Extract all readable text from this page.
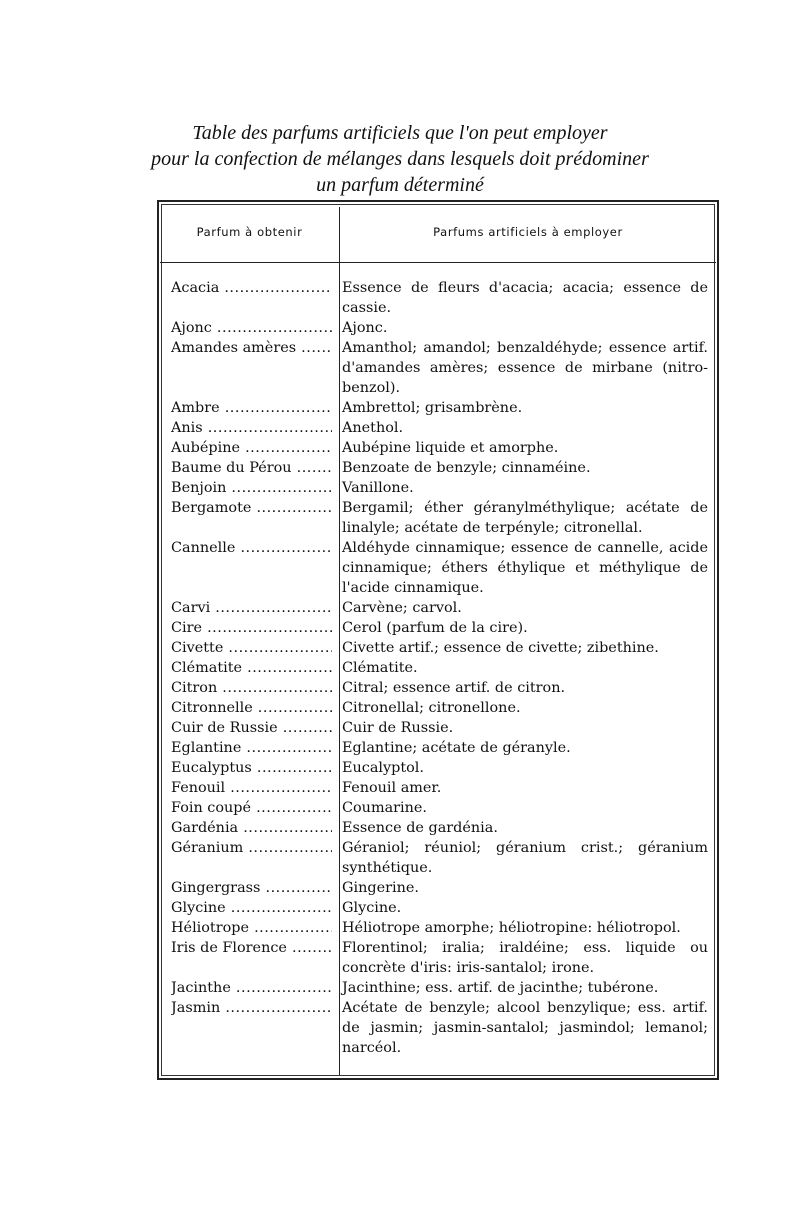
Table des parfums artificiels que l'on peut employer
pour la confection de mélanges dans lesquels doit prédominer
un parfum déterminé
Parfum à obtenir	Parfums artificiels à employer
Acacia .....	Essence de fleurs d'acacia; acacia; essence de cassie.
Ajonc .....	Ajonc.
Amandes amères .....	Amanthol; amandol; benzaldéhyde; essence artif. d'amandes amères; essence de mirbane (nitro-benzol).
Ambre .....	Ambrettol; grisambrène.
Anis .....	Anethol.
Aubépine .....	Aubépine liquide et amorphe.
Baume du Pérou .....	Benzoate de benzyle; cinnaméine.
Benjoin .....	Vanillone.
Bergamote .....	Bergamil; éther géranylméthylique; acétate de linalyle; acétate de terpényle; citronellal.
Cannelle .....	Aldéhyde cinnamique; essence de cannelle, acide cinnamique; éthers éthylique et méthylique de l'acide cinnamique.
Carvi .....	Carvène; carvol.
Cire .....	Cerol (parfum de la cire).
Civette .....	Civette artif.; essence de civette; zibethine.
Clématite .....	Clématite.
Citron .....	Citral; essence artif. de citron.
Citronnelle .....	Citronellal; citronellone.
Cuir de Russie .....	Cuir de Russie.
Eglantine .....	Eglantine; acétate de géranyle.
Eucalyptus .....	Eucalyptol.
Fenouil .....	Fenouil amer.
Foin coupé .....	Coumarine.
Gardénia .....	Essence de gardénia.
Géranium .....	Géraniol; réuniol; géranium crist.; géranium synthétique.
Gingergrass .....	Gingerine.
Glycine .....	Glycine.
Héliotrope .....	Héliotrope amorphe; héliotropine: héliotropol.
Iris de Florence .....	Florentinol; iralia; iraldéine; ess. liquide ou concrète d'iris: iris-santalol; irone.
Jacinthe .....	Jacinthine; ess. artif. de jacinthe; tubérone.
Jasmin .....	Acétate de benzyle; alcool benzylique; ess. artif. de jasmin; jasmin-santalol; jasmindol; lemanol; narcéol.
